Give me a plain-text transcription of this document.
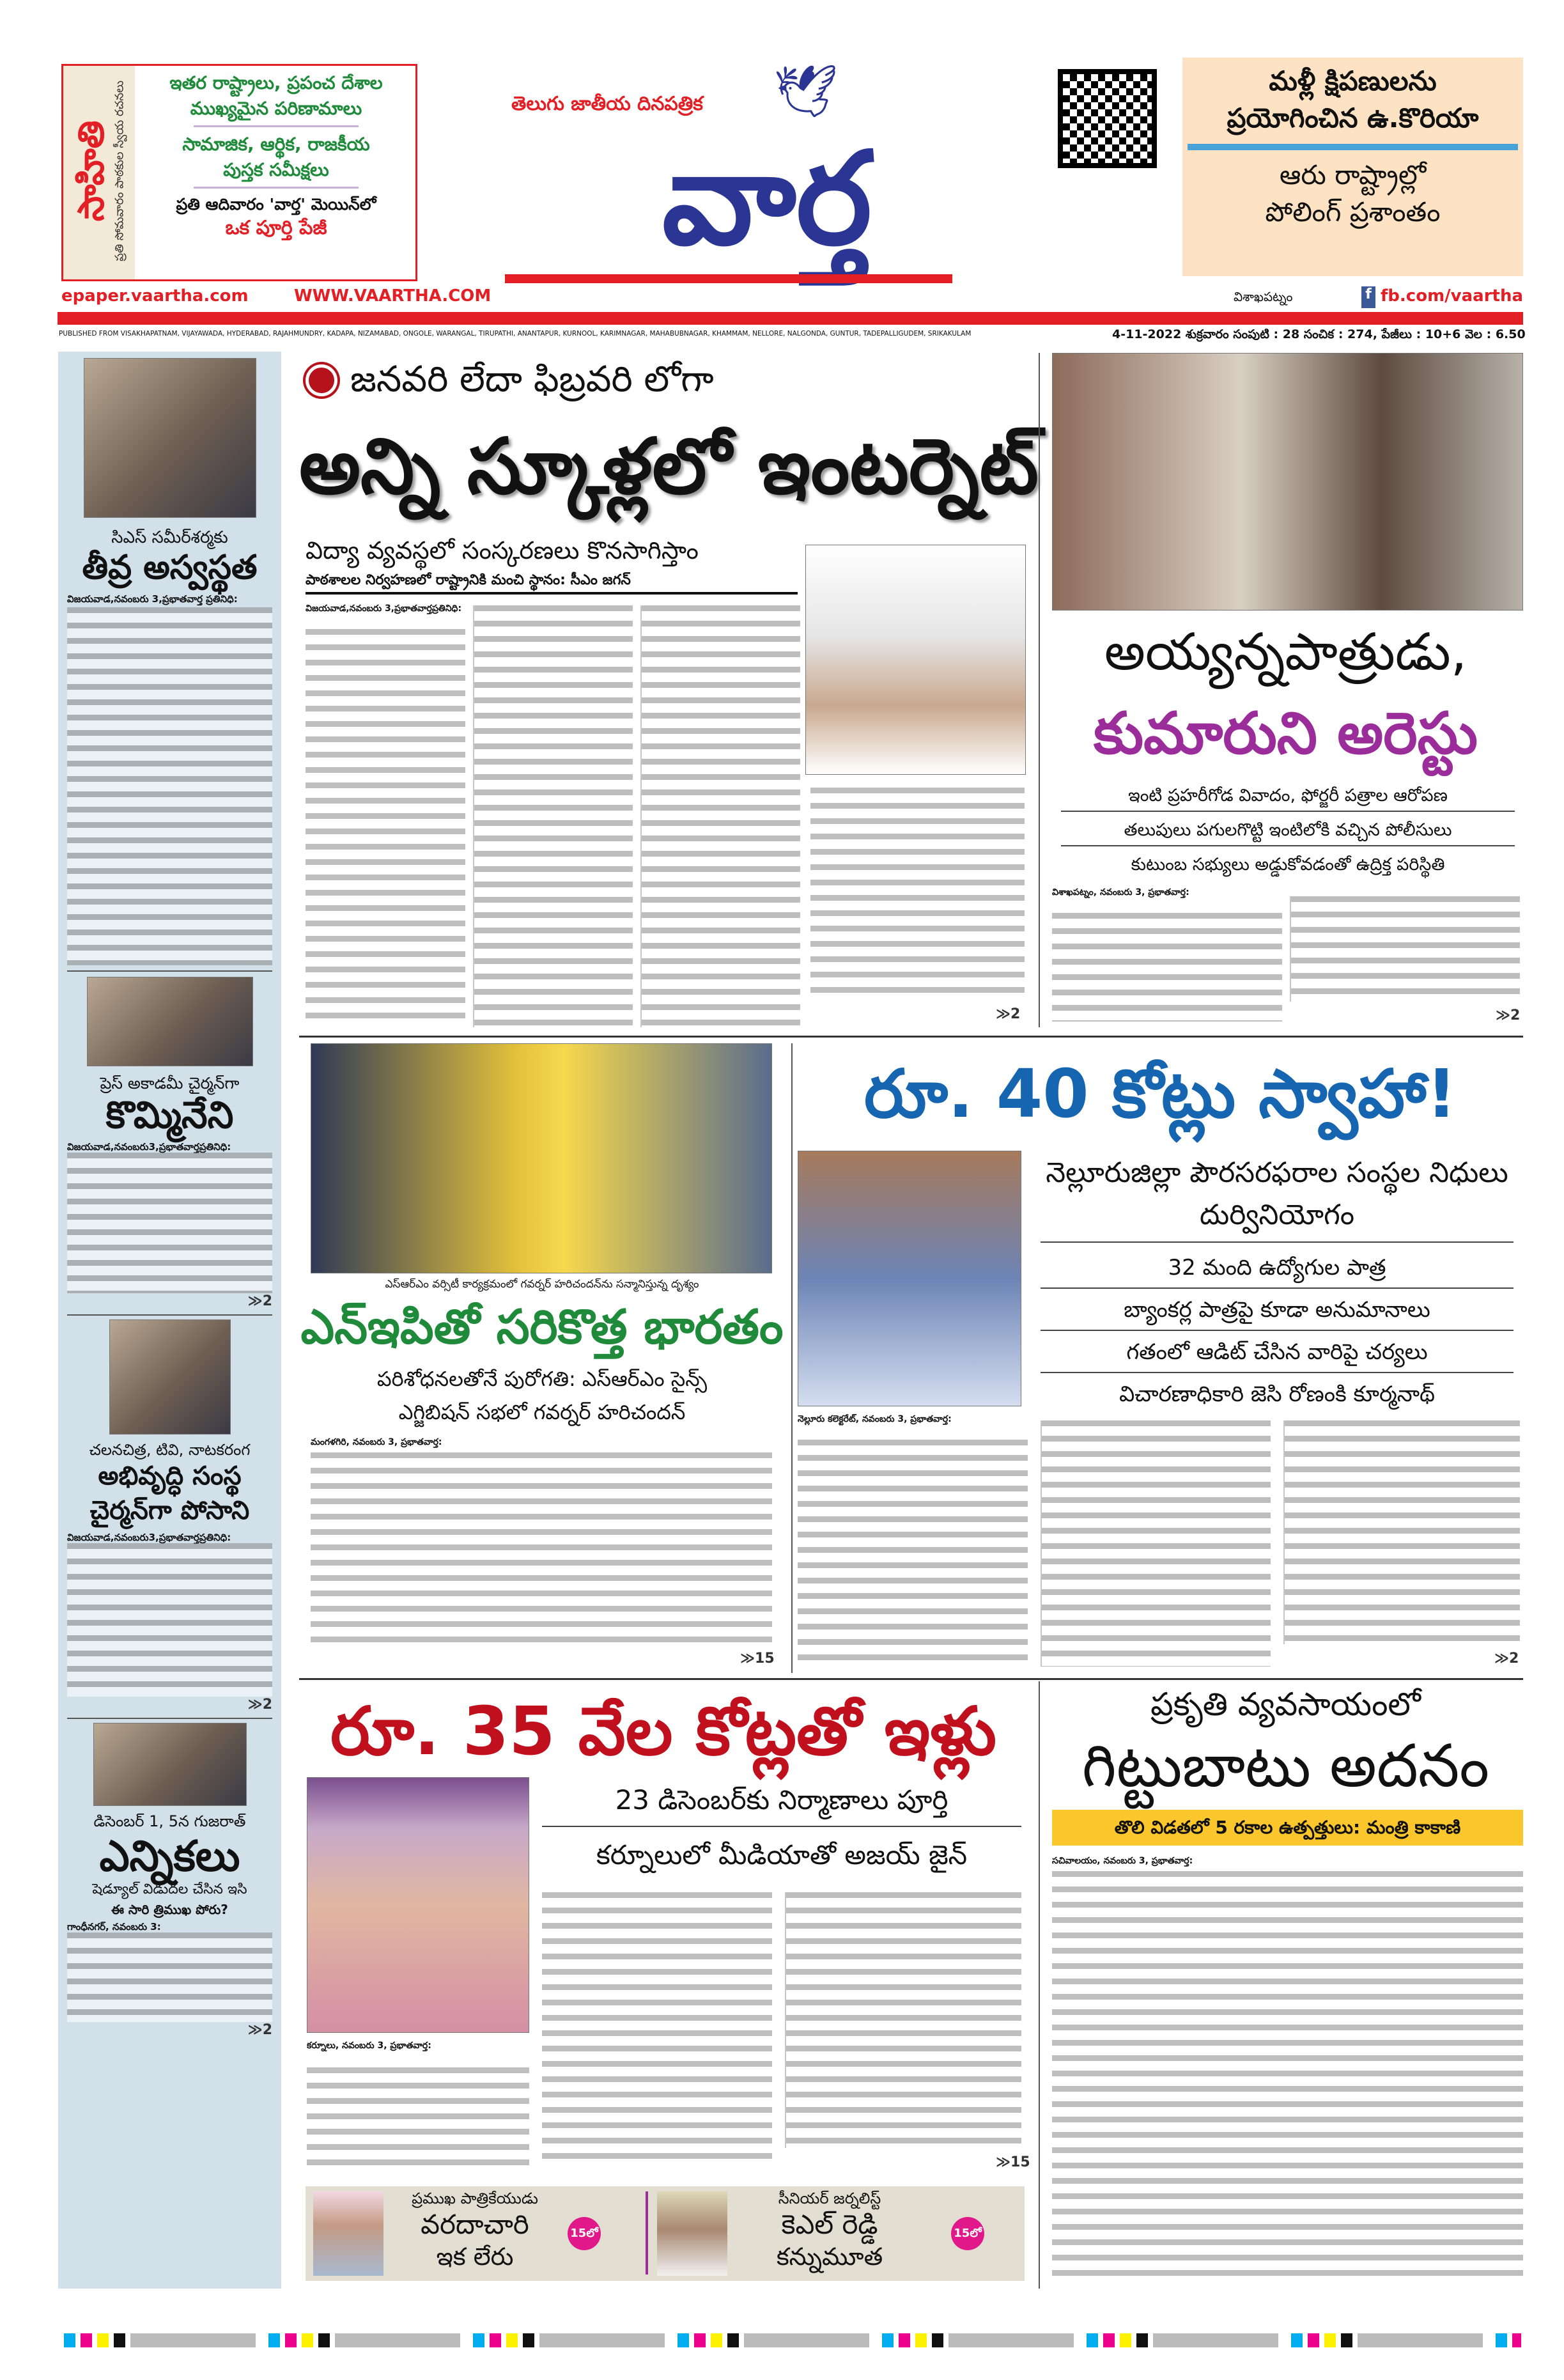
సాహితి ప్రతి సోమవారం పాఠకుల స్వీయ రచనలు	ఇతర రాష్ట్రాలు, ప్రపంచ దేశాల
ముఖ్యమైన పరిణామాలు
సామాజిక, ఆర్థిక, రాజకీయ
పుస్తక సమీక్షలు
ప్రతి ఆదివారం 'వార్త' మెయిన్‌లో
ఒక పూర్తి పేజీ
తెలుగు జాతీయ దినపత్రిక 🕊
వార్త
మళ్లీ క్షిపణులను
ప్రయోగించిన ఉ.కొరియా
ఆరు రాష్ట్రాల్లో
పోలింగ్ ప్రశాంతం
epaper.vaartha.com	WWW.VAARTHA.COM	విశాఖపట్నం	f fb.com/vaartha
PUBLISHED FROM VISAKHAPATNAM, VIJAYAWADA, HYDERABAD, RAJAHMUNDRY, KADAPA, NIZAMABAD, ONGOLE, WARANGAL, TIRUPATHI, ANANTAPUR, KURNOOL, KARIMNAGAR, MAHABUBNAGAR, KHAMMAM, NELLORE, NALGONDA, GUNTUR, TADEPALLIGUDEM, SRIKAKULAM	4-11-2022 శుక్రవారం సంపుటి : 28 సంచిక : 274, పేజీలు : 10+6 వెల : 6.50
సిఎస్ సమీర్‌శర్మకు
తీవ్ర అస్వస్థత
విజయవాడ,నవంబరు 3,ప్రభాతవార్త ప్రతినిధి:
ప్రెస్ అకాడమీ చైర్మన్‌గా
కొమ్మినేని
విజయవాడ,నవంబరు3,ప్రభాతవార్తప్రతినిధి:
≫2
చలనచిత్ర, టివి, నాటకరంగ
అభివృద్ధి సంస్థ చైర్మన్‌గా పోసాని
విజయవాడ,నవంబరు3,ప్రభాతవార్తప్రతినిధి:
≫2
డిసెంబర్ 1, 5న గుజరాత్
ఎన్నికలు
షెడ్యూల్ విడుదల చేసిన ఇసి
ఈ సారి త్రిముఖ పోరు?
గాంధీనగర్, నవంబరు 3:
≫2
జనవరి లేదా ఫిబ్రవరి లోగా
అన్ని స్కూళ్లలో ఇంటర్నెట్
విద్యా వ్యవస్థలో సంస్కరణలు కొనసాగిస్తాం
పాఠశాలల నిర్వహణలో రాష్ట్రానికి మంచి స్థానం: సీఎం జగన్
విజయవాడ,నవంబరు 3,ప్రభాతవార్తప్రతినిధి:
≫2
అయ్యన్నపాత్రుడు,
కుమారుని అరెస్టు
ఇంటి ప్రహరీగోడ వివాదం, ఫోర్జరీ పత్రాల ఆరోపణ
తలుపులు పగులగొట్టి ఇంటిలోకి వచ్చిన పోలీసులు
కుటుంబ సభ్యులు అడ్డుకోవడంతో ఉద్రిక్త పరిస్థితి
విశాఖపట్నం, నవంబరు 3, ప్రభాతవార్త:
≫2
ఎస్‌ఆర్‌ఎం వర్సిటీ కార్యక్రమంలో గవర్నర్ హరిచందన్‌ను సన్మానిస్తున్న దృశ్యం
ఎన్‌ఇపితో సరికొత్త భారతం
పరిశోధనలతోనే పురోగతి: ఎస్‌ఆర్‌ఎం సైన్స్
ఎగ్జిబిషన్ సభలో గవర్నర్ హరిచందన్
మంగళగిరి, నవంబరు 3, ప్రభాతవార్త:
≫15
రూ. 40 కోట్లు స్వాహా!
నెల్లూరుజిల్లా పౌరసరఫరాల సంస్థల నిధులు దుర్వినియోగం
32 మంది ఉద్యోగుల పాత్ర
బ్యాంకర్ల పాత్రపై కూడా అనుమానాలు
గతంలో ఆడిట్ చేసిన వారిపై చర్యలు
విచారణాధికారి జెసి రోణంకి కూర్మనాథ్
నెల్లూరు కలెక్టరేట్, నవంబరు 3, ప్రభాతవార్త:
≫2
రూ. 35 వేల కోట్లతో ఇళ్లు
23 డిసెంబర్‌కు నిర్మాణాలు పూర్తి
కర్నూలులో మీడియాతో అజయ్ జైన్
కర్నూలు, నవంబరు 3, ప్రభాతవార్త:
≫15
ప్రముఖ పాత్రికేయుడు
వరదాచారి
ఇక లేరు
15లో
సీనియర్ జర్నలిస్ట్
కెఎల్ రెడ్డి
కన్నుమూత
15లో
ప్రకృతి వ్యవసాయంలో
గిట్టుబాటు అదనం
తొలి విడతలో 5 రకాల ఉత్పత్తులు: మంత్రి కాకాణి
సచివాలయం, నవంబరు 3, ప్రభాతవార్త:
